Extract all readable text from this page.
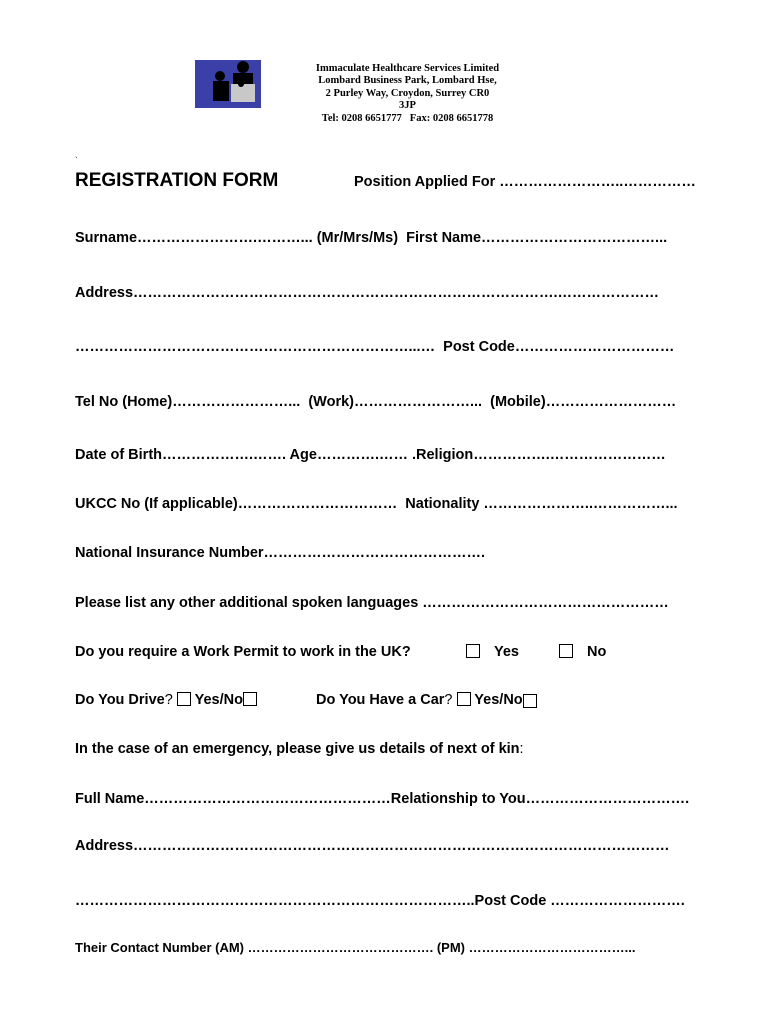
Immaculate Healthcare Services Limited
Lombard Business Park, Lombard Hse,
2 Purley Way, Croydon, Surrey CR0
3JP
Tel: 0208 6651777   Fax: 0208 6651778
`
REGISTRATION FORM	Position Applied For ……………………..……………
Surname…………………….………... (Mr/Mrs/Ms)  First Name………………………………...
Address…………………………………………………………………………….…………………
……………………………………………………………...…  Post Code……………………………
Tel No (Home)……………………...  (Work)……………………...  (Mobile)………………………
Date of Birth……………….……. Age………….…… .Religion…………….……………………
UKCC No (If applicable)……………………………  Nationality …………………..……………...
National Insurance Number……………………………………….
Please list any other additional spoken languages ……………………………………………
Do you require a Work Permit to work in the UK?	Yes	No
Do You Drive? Yes/No	Do You Have a Car? Yes/No
In the case of an emergency, please give us details of next of kin:
Full Name……………………………………………Relationship to You…………………………….
Address…………………………………………………………………………………………………
………………………………………………………………………..Post Code ……………………….
Their Contact Number (AM) ……………………………………. (PM) ………………………………...
